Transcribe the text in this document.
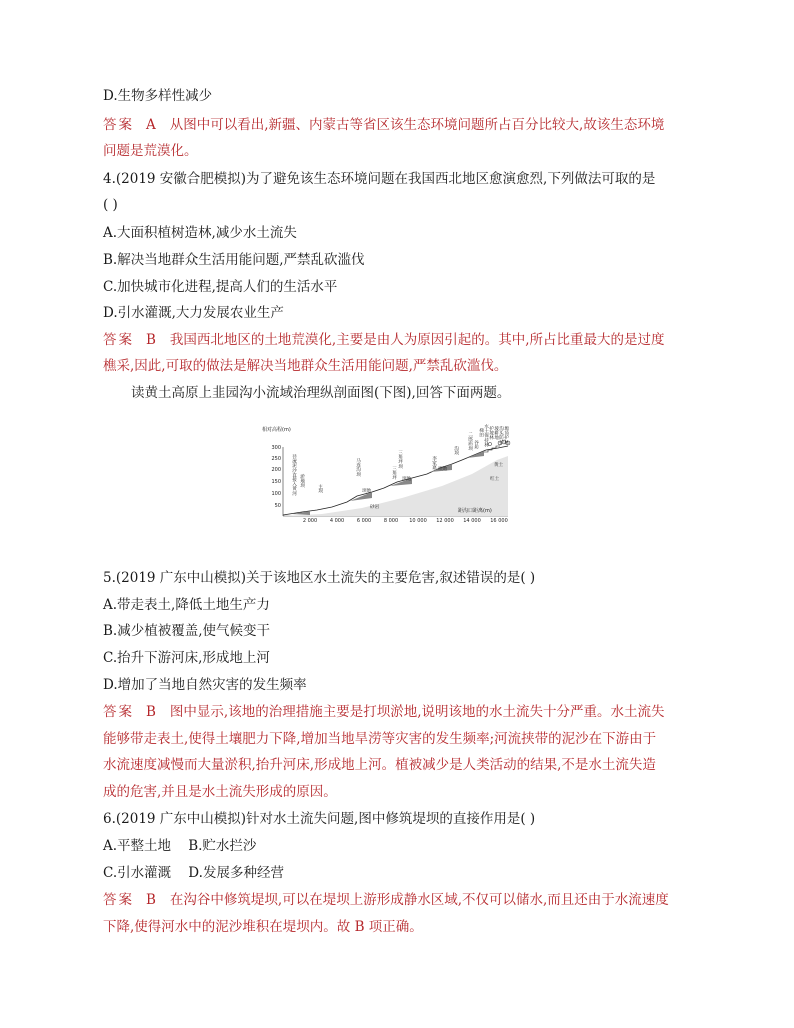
D.生物多样性减少
答案 A 从图中可以看出,新疆、内蒙古等省区该生态环境问题所占百分比较大,故该生态环境
问题是荒漠化。
4.(2019 安徽合肥模拟)为了避免该生态环境问题在我国西北地区愈演愈烈,下列做法可取的是
( )
A.大面积植树造林,减少水土流失
B.解决当地群众生活用能问题,严禁乱砍滥伐
C.加快城市化进程,提高人们的生活水平
D.引水灌溉,大力发展农业生产
答案 B 我国西北地区的土地荒漠化,主要是由人为原因引起的。其中,所占比重最大的是过度
樵采,因此,可取的做法是解决当地群众生活用能问题,严禁乱砍滥伐。
读黄土高原上韭园沟小流域治理纵剖面图(下图),回答下面两题。
相对高程(m)
300
250
200
150
100
50
2 000	4 000	6 000	8 000 10 000 12 000 14 000 16 000
距沟口距离(m)
径流泥沙直接入黄河 淤地坝
主坝	坝地
马连沟坝
砂岩
三角坪坝
坝地
三角坪
李家寨
沟坝
坝地
二郎庙坝 谷坊
梯田 水土保持林 护坡林 坡耕地 沟头防护 塬顶护林
黄土
红土
5.(2019 广东中山模拟)关于该地区水土流失的主要危害,叙述错误的是( )
A.带走表土,降低土地生产力
B.减少植被覆盖,使气候变干
C.抬升下游河床,形成地上河
D.增加了当地自然灾害的发生频率
答案 B 图中显示,该地的治理措施主要是打坝淤地,说明该地的水土流失十分严重。水土流失
能够带走表土,使得土壤肥力下降,增加当地旱涝等灾害的发生频率;河流挟带的泥沙在下游由于
水流速度减慢而大量淤积,抬升河床,形成地上河。植被减少是人类活动的结果,不是水土流失造
成的危害,并且是水土流失形成的原因。
6.(2019 广东中山模拟)针对水土流失问题,图中修筑堤坝的直接作用是( )
A.平整土地    B.贮水拦沙
C.引水灌溉    D.发展多种经营
答案 B 在沟谷中修筑堤坝,可以在堤坝上游形成静水区域,不仅可以储水,而且还由于水流速度
下降,使得河水中的泥沙堆积在堤坝内。故 B 项正确。
